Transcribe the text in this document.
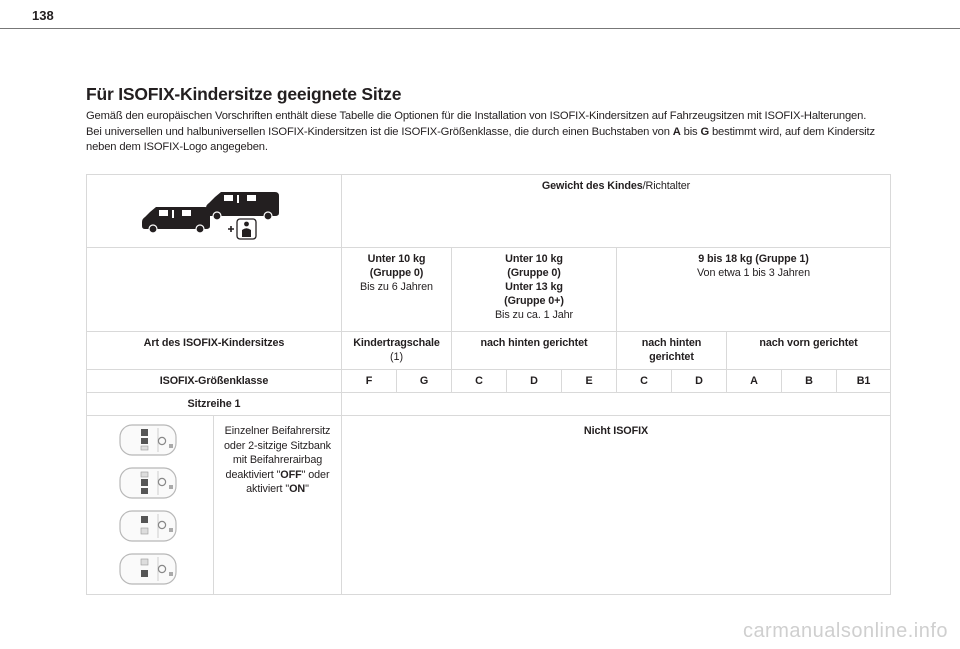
138
Für ISOFIX-Kindersitze geeignete Sitze

Gemäß den europäischen Vorschriften enthält diese Tabelle die Optionen für die Installation von ISOFIX-Kindersitzen auf Fahrzeugsitzen mit ISOFIX-Halterungen.

Bei universellen und halbuniversellen ISOFIX-Kindersitzen ist die ISOFIX-Größenklasse, die durch einen Buchstaben von A bis G bestimmt wird, auf dem Kindersitz neben dem ISOFIX-Logo angegeben.

	Gewicht des Kindes/Richtalter									
		Unter 10 kg
(Gruppe 0)
Bis zu 6 Jahren		Unter 10 kg
(Gruppe 0)
Unter 13 kg
(Gruppe 0+)
Bis zu ca. 1 Jahr			9 bis 18 kg (Gruppe 1)
Von etwa 1 bis 3 Jahren				
Art des ISOFIX-Kindersitzes		Kindertragschale
(1)		nach hinten gerichtet			nach hinten gerichtet		nach vorn gerichtet		
ISOFIX-Größenklasse		F	G	C	D	E	C	D	A	B	B1
Sitzreihe 1											

	Einzelner Beifahrersitz oder 2-sitzige Sitzbank mit Beifahrerairbag deaktiviert "OFF" oder aktiviert "ON"	Nicht ISOFIX									
carmanualsonline.info
